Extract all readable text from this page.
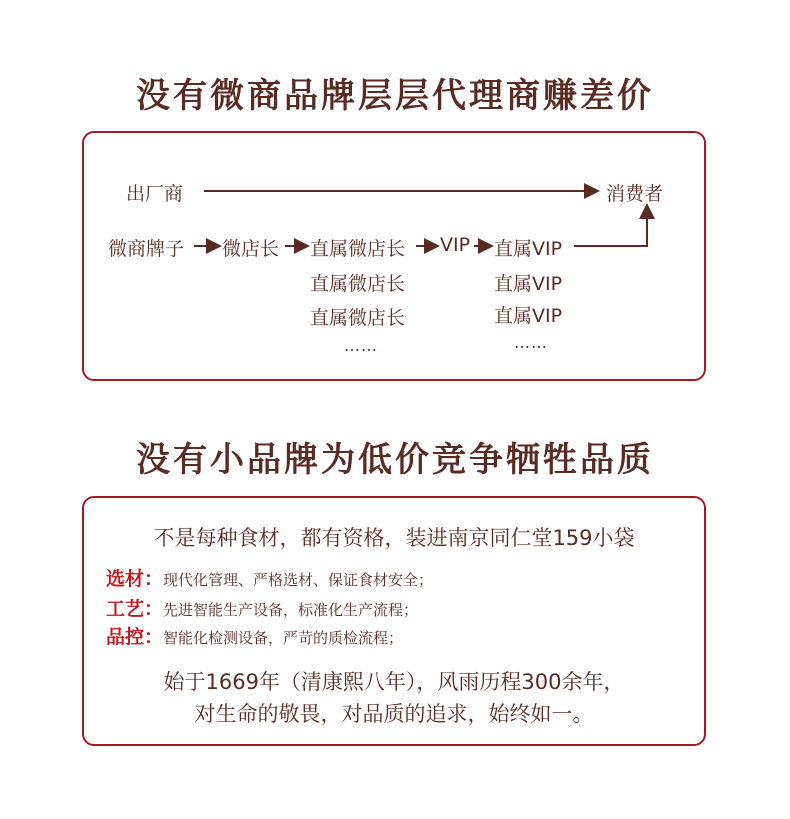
没有微商品牌层层代理商赚差价
出厂商	消费者
微商牌子 微店长 直属微店长 VIP 直属VIP
直属微店长
直属微店长
……
直属VIP
直属VIP
……
没有小品牌为低价竞争牺牲品质
不是每种食材，都有资格，装进南京同仁堂159小袋
选材：现代化管理、严格选材、保证食材安全；
工艺：先进智能生产设备，标准化生产流程；
品控：智能化检测设备，严苛的质检流程；
始于1669年（清康熙八年），风雨历程300余年，
对生命的敬畏，对品质的追求，始终如一。
